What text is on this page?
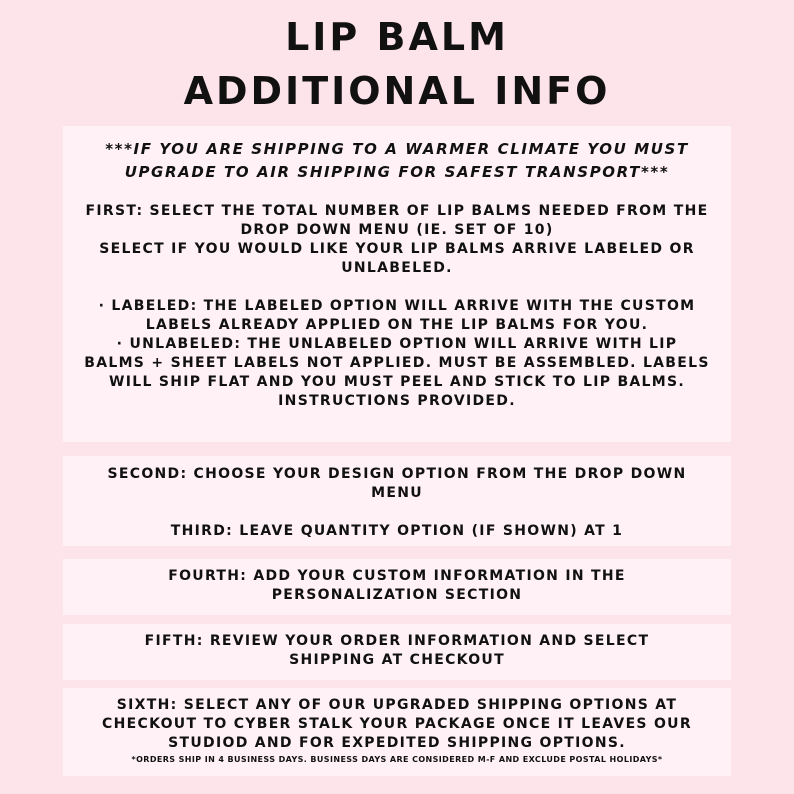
LIP BALM
ADDITIONAL INFO

***IF YOU ARE SHIPPING TO A WARMER CLIMATE YOU MUST
UPGRADE TO AIR SHIPPING FOR SAFEST TRANSPORT***

FIRST: SELECT THE TOTAL NUMBER OF LIP BALMS NEEDED FROM THE
DROP DOWN MENU (IE. SET OF 10)
SELECT IF YOU WOULD LIKE YOUR LIP BALMS ARRIVE LABELED OR
UNLABELED.

· LABELED: THE LABELED OPTION WILL ARRIVE WITH THE CUSTOM
LABELS ALREADY APPLIED ON THE LIP BALMS FOR YOU.
· UNLABELED: THE UNLABELED OPTION WILL ARRIVE WITH LIP
BALMS + SHEET LABELS NOT APPLIED. MUST BE ASSEMBLED. LABELS
WILL SHIP FLAT AND YOU MUST PEEL AND STICK TO LIP BALMS.
INSTRUCTIONS PROVIDED.

SECOND: CHOOSE YOUR DESIGN OPTION FROM THE DROP DOWN
MENU

THIRD: LEAVE QUANTITY OPTION (IF SHOWN) AT 1

FOURTH: ADD YOUR CUSTOM INFORMATION IN THE
PERSONALIZATION SECTION

FIFTH: REVIEW YOUR ORDER INFORMATION AND SELECT
SHIPPING AT CHECKOUT

SIXTH: SELECT ANY OF OUR UPGRADED SHIPPING OPTIONS AT
CHECKOUT TO CYBER STALK YOUR PACKAGE ONCE IT LEAVES OUR
STUDIOD AND FOR EXPEDITED SHIPPING OPTIONS.

*ORDERS SHIP IN 4 BUSINESS DAYS. BUSINESS DAYS ARE CONSIDERED M-F AND EXCLUDE POSTAL HOLIDAYS*
